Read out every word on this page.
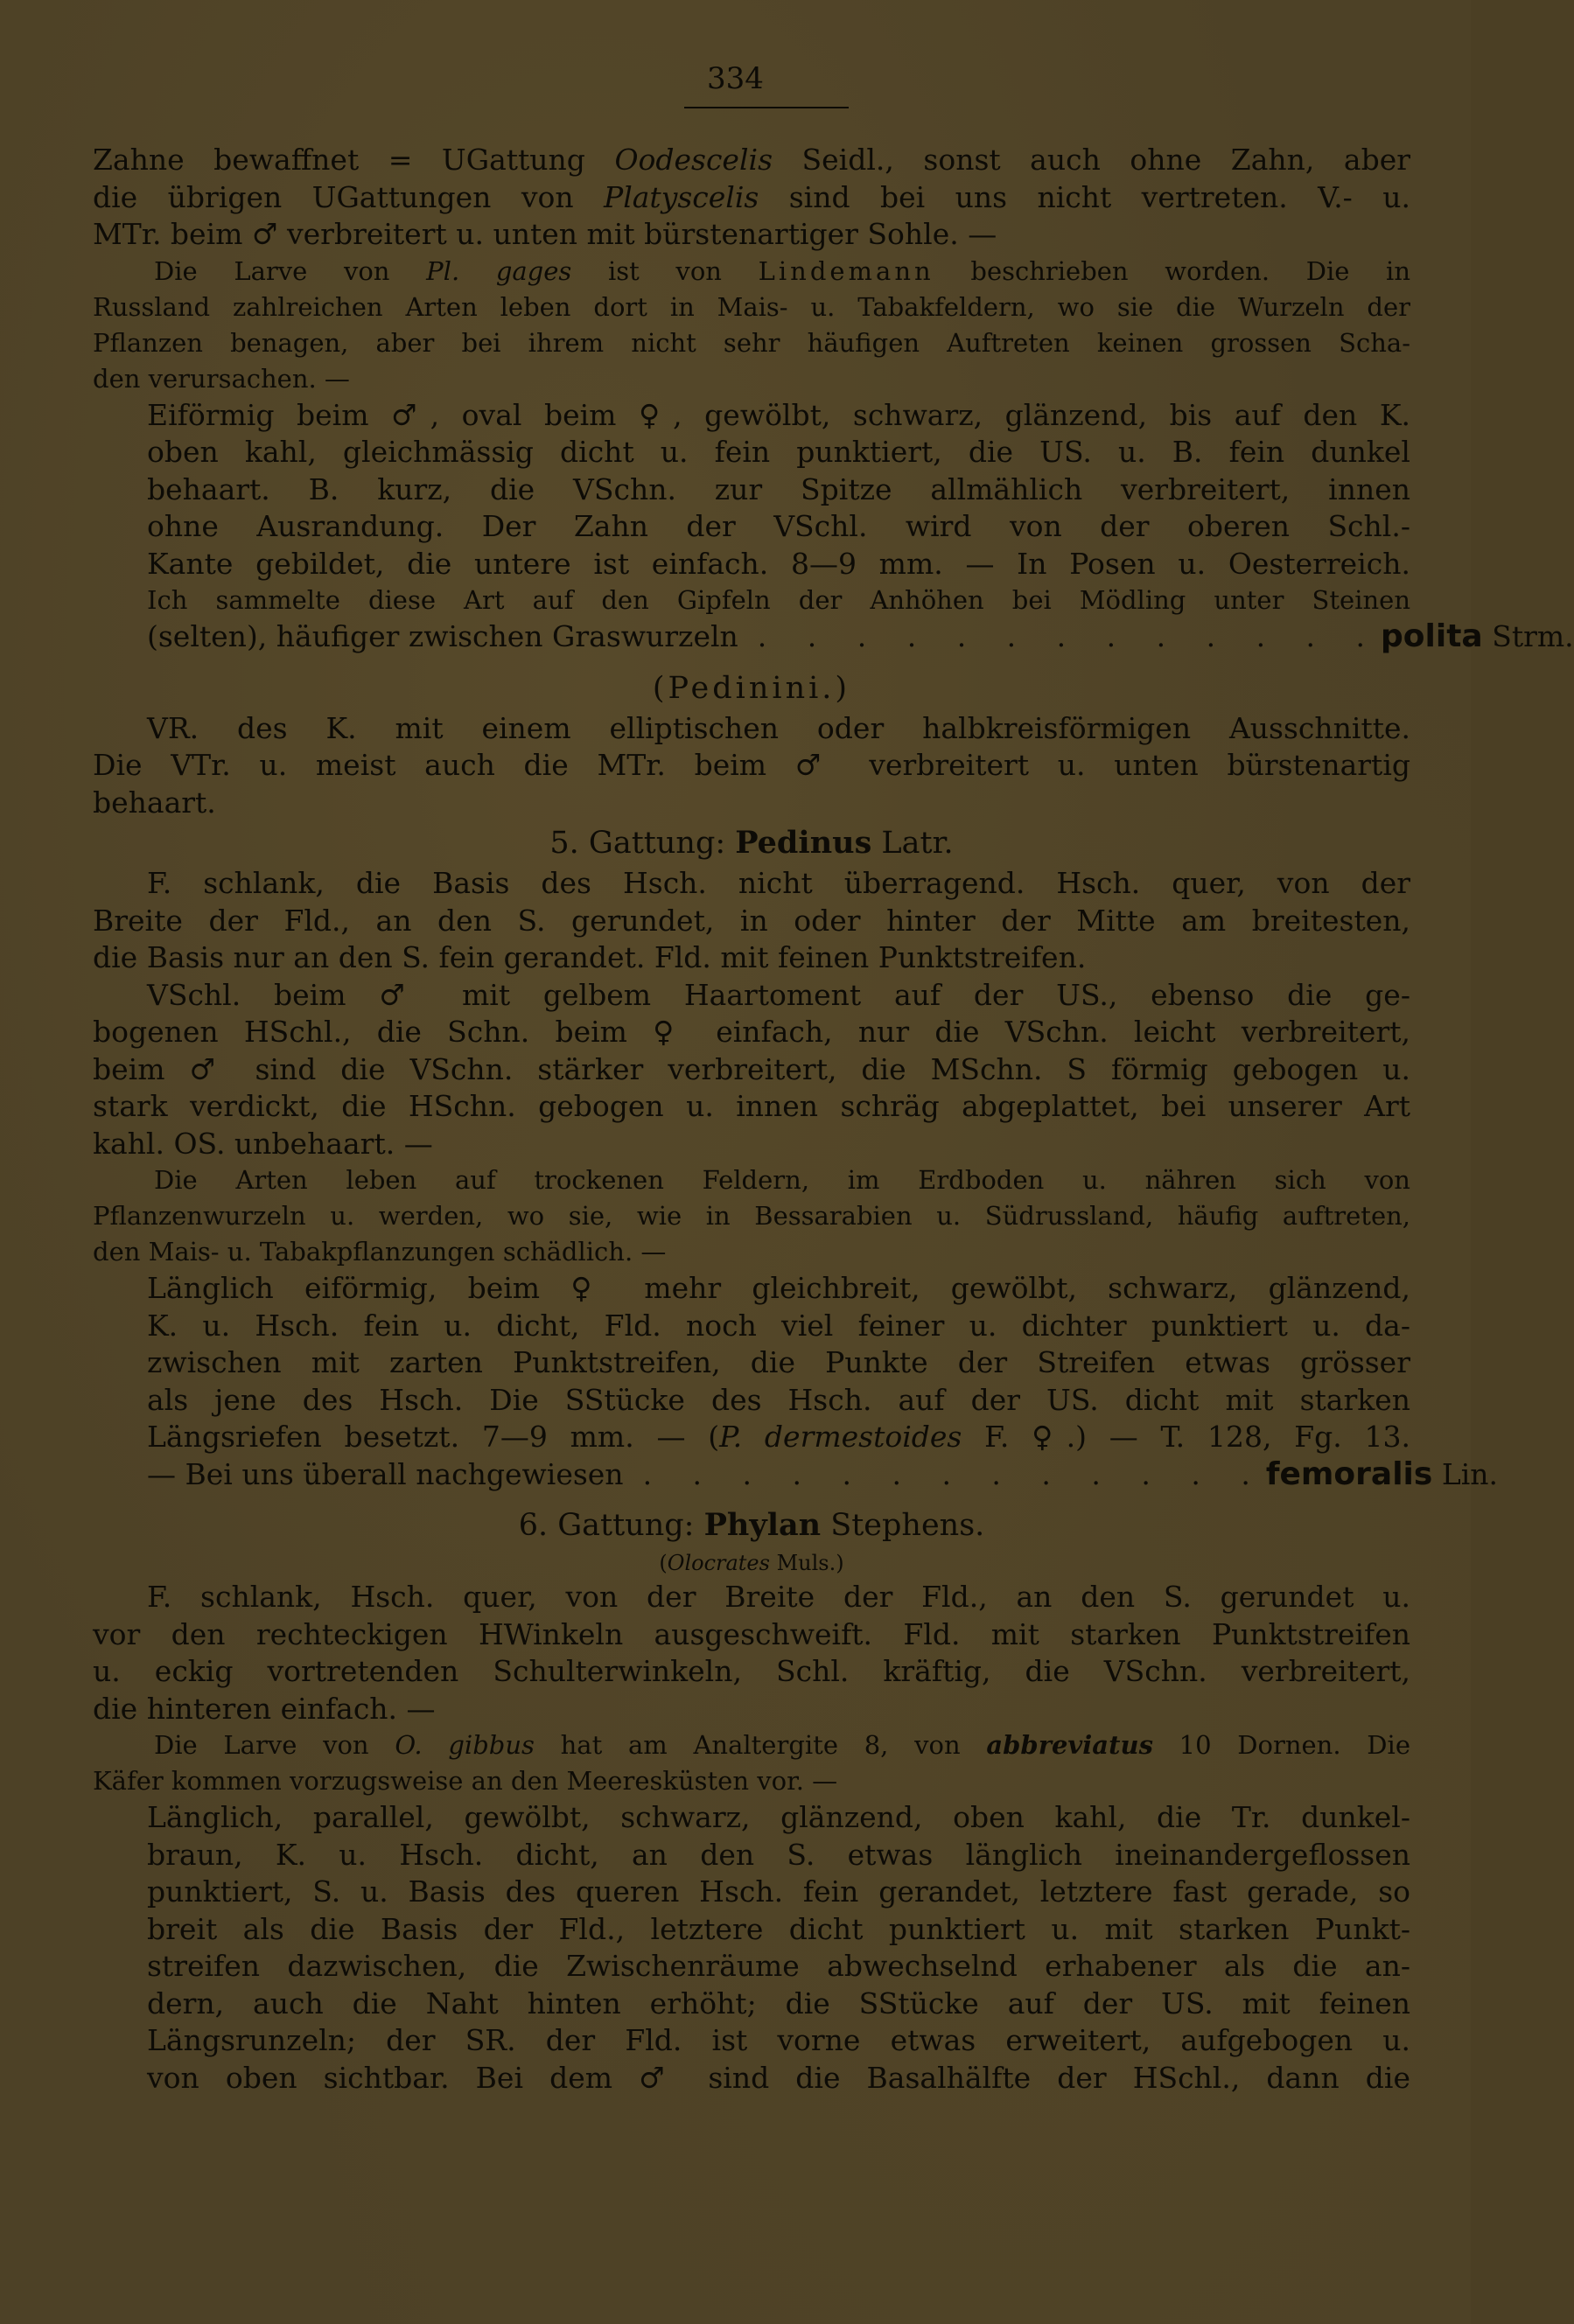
334
Zahne bewaffnet = UGattung Oodescelis Seidl., sonst auch ohne Zahn, aber
die übrigen UGattungen von Platyscelis sind bei uns nicht vertreten. V.- u.
MTr. beim ♂ verbreitert u. unten mit bürstenartiger Sohle. —
Die Larve von Pl. gages ist von Lindemann beschrieben worden. Die in
Russland zahlreichen Arten leben dort in Mais- u. Tabakfeldern, wo sie die Wurzeln der
Pflanzen benagen, aber bei ihrem nicht sehr häufigen Auftreten keinen grossen Scha-
den verursachen. —
Eiförmig beim ♂, oval beim ♀, gewölbt, schwarz, glänzend, bis auf den K.
oben kahl, gleichmässig dicht u. fein punktiert, die US. u. B. fein dunkel
behaart. B. kurz, die VSchn. zur Spitze allmählich verbreitert, innen
ohne Ausrandung. Der Zahn der VSchl. wird von der oberen Schl.-
Kante gebildet, die untere ist einfach. 8—9 mm. — In Posen u. Oesterreich.
Ich sammelte diese Art auf den Gipfeln der Anhöhen bei Mödling unter Steinen
(selten), häufiger zwischen Graswurzeln . . . . . . . . . . . . . polita Strm.
(Pedinini.)
VR. des K. mit einem elliptischen oder halbkreisförmigen Ausschnitte.
Die VTr. u. meist auch die MTr. beim ♂ verbreitert u. unten bürstenartig
behaart.
5. Gattung: Pedinus Latr.
F. schlank, die Basis des Hsch. nicht überragend. Hsch. quer, von der
Breite der Fld., an den S. gerundet, in oder hinter der Mitte am breitesten,
die Basis nur an den S. fein gerandet. Fld. mit feinen Punktstreifen.
VSchl. beim ♂ mit gelbem Haartoment auf der US., ebenso die ge-
bogenen HSchl., die Schn. beim ♀ einfach, nur die VSchn. leicht verbreitert,
beim ♂ sind die VSchn. stärker verbreitert, die MSchn. S förmig gebogen u.
stark verdickt, die HSchn. gebogen u. innen schräg abgeplattet, bei unserer Art
kahl. OS. unbehaart. —
Die Arten leben auf trockenen Feldern, im Erdboden u. nähren sich von
Pflanzenwurzeln u. werden, wo sie, wie in Bessarabien u. Südrussland, häufig auftreten,
den Mais- u. Tabakpflanzungen schädlich. —
Länglich eiförmig, beim ♀ mehr gleichbreit, gewölbt, schwarz, glänzend,
K. u. Hsch. fein u. dicht, Fld. noch viel feiner u. dichter punktiert u. da-
zwischen mit zarten Punktstreifen, die Punkte der Streifen etwas grösser
als jene des Hsch. Die SStücke des Hsch. auf der US. dicht mit starken
Längsriefen besetzt. 7—9 mm. — (P. dermestoides F. ♀.) — T. 128, Fg. 13.
— Bei uns überall nachgewiesen . . . . . . . . . . . . . femoralis Lin.
6. Gattung: Phylan Stephens.
(Olocrates Muls.)
F. schlank, Hsch. quer, von der Breite der Fld., an den S. gerundet u.
vor den rechteckigen HWinkeln ausgeschweift. Fld. mit starken Punktstreifen
u. eckig vortretenden Schulterwinkeln, Schl. kräftig, die VSchn. verbreitert,
die hinteren einfach. —
Die Larve von O. gibbus hat am Analtergite 8, von abbreviatus 10 Dornen. Die
Käfer kommen vorzugsweise an den Meeresküsten vor. —
Länglich, parallel, gewölbt, schwarz, glänzend, oben kahl, die Tr. dunkel-
braun, K. u. Hsch. dicht, an den S. etwas länglich ineinandergeflossen
punktiert, S. u. Basis des queren Hsch. fein gerandet, letztere fast gerade, so
breit als die Basis der Fld., letztere dicht punktiert u. mit starken Punkt-
streifen dazwischen, die Zwischenräume abwechselnd erhabener als die an-
dern, auch die Naht hinten erhöht; die SStücke auf der US. mit feinen
Längsrunzeln; der SR. der Fld. ist vorne etwas erweitert, aufgebogen u.
von oben sichtbar. Bei dem ♂ sind die Basalhälfte der HSchl., dann die
